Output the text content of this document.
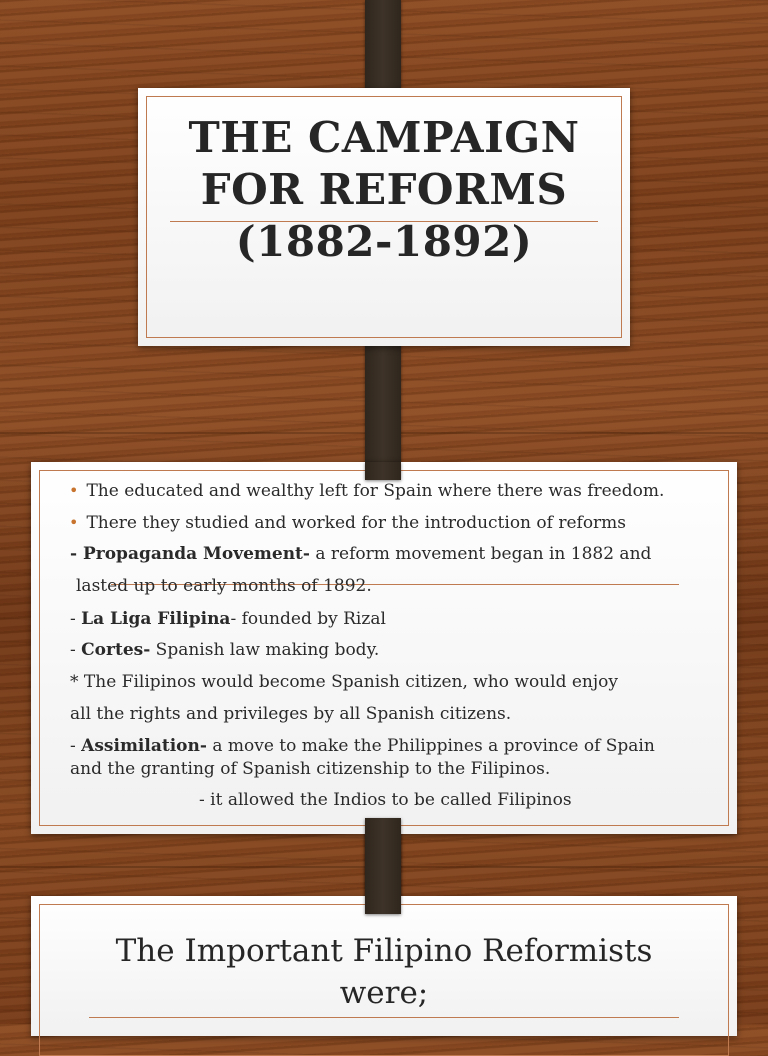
THE CAMPAIGN
FOR REFORMS
(1882-1892)
• The educated and wealthy left for Spain where there was freedom.
• There they studied and worked for the introduction of reforms
- Propaganda Movement- a reform movement began in 1882 and
lasted up to early months of 1892.
- La Liga Filipina- founded by Rizal
- Cortes- Spanish law making body.
* The Filipinos would become Spanish citizen, who would enjoy
all the rights and privileges by all Spanish citizens.
- Assimilation- a move to make the Philippines a province of Spain
and the granting of Spanish citizenship to the Filipinos.
- it allowed the Indios to be called Filipinos
The Important Filipino Reformists
were;
